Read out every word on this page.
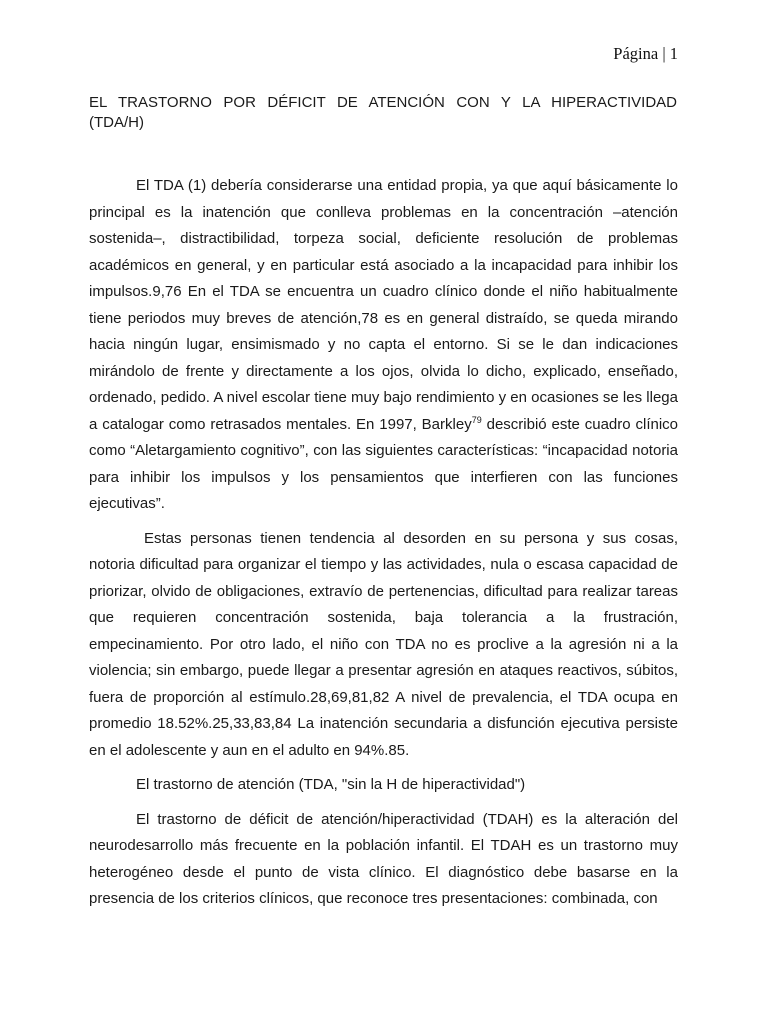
Página | 1
EL TRASTORNO POR DÉFICIT DE ATENCIÓN CON Y LA HIPERACTIVIDAD
(TDA/H)

El TDA (1) debería considerarse una entidad propia, ya que aquí básicamente lo principal es la inatención que conlleva problemas en la concentración –atención sostenida–, distractibilidad, torpeza social, deficiente resolución de problemas académicos en general, y en particular está asociado a la incapacidad para inhibir los impulsos.9,76 En el TDA se encuentra un cuadro clínico donde el niño habitualmente tiene periodos muy breves de atención,78 es en general distraído, se queda mirando hacia ningún lugar, ensimismado y no capta el entorno. Si se le dan indicaciones mirándolo de frente y directamente a los ojos, olvida lo dicho, explicado, enseñado, ordenado, pedido. A nivel escolar tiene muy bajo rendimiento y en ocasiones se les llega a catalogar como retrasados mentales. En 1997, Barkley$^{79}$ describió este cuadro clínico como “Aletargamiento cognitivo”, con las siguientes características: “incapacidad notoria para inhibir los impulsos y los pensamientos que interfieren con las funciones ejecutivas”.

Estas personas tienen tendencia al desorden en su persona y sus cosas, notoria dificultad para organizar el tiempo y las actividades, nula o escasa capacidad de priorizar, olvido de obligaciones, extravío de pertenencias, dificultad para realizar tareas que requieren concentración sostenida, baja tolerancia a la frustración, empecinamiento. Por otro lado, el niño con TDA no es proclive a la agresión ni a la violencia; sin embargo, puede llegar a presentar agresión en ataques reactivos, súbitos, fuera de proporción al estímulo.28,69,81,82 A nivel de prevalencia, el TDA ocupa en promedio 18.52%.25,33,83,84 La inatención secundaria a disfunción ejecutiva persiste en el adolescente y aun en el adulto en 94%.85.

El trastorno de atención (TDA, "sin la H de hiperactividad")

El trastorno de déficit de atención/hiperactividad (TDAH) es la alteración del neurodesarrollo más frecuente en la población infantil. El TDAH es un trastorno muy heterogéneo desde el punto de vista clínico. El diagnóstico debe basarse en la presencia de los criterios clínicos, que reconoce tres presentaciones: combinada, con
